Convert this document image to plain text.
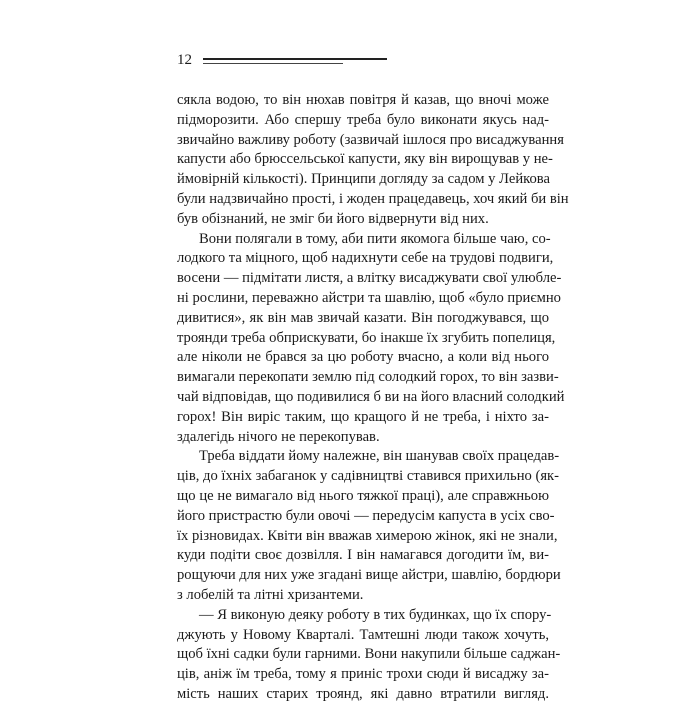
12
сякла водою, то він нюхав повітря й казав, що вночі може
підморозити. Або спершу треба було виконати якусь над-
звичайно важливу роботу (зазвичай ішлося про висаджування
капусти або брюссельської капусти, яку він вирощував у не-
ймовірній кількості). Принципи догляду за садом у Лейкова
були надзвичайно прості, і жоден працедавець, хоч який би він
був обізнаний, не зміг би його відвернути від них.
Вони полягали в тому, аби пити якомога більше чаю, со-
лодкого та міцного, щоб надихнути себе на трудові подвиги,
восени — підмітати листя, а влітку висаджувати свої улюбле-
ні рослини, переважно айстри та шавлію, щоб «було приємно
дивитися», як він мав звичай казати. Він погоджувався, що
троянди треба обприскувати, бо інакше їх згубить попелиця,
але ніколи не брався за цю роботу вчасно, а коли від нього
вимагали перекопати землю під солодкий горох, то він зазви-
чай відповідав, що подивилися б ви на його власний солодкий
горох! Він виріс таким, що кращого й не треба, і ніхто за-
здалегідь нічого не перекопував.
Треба віддати йому належне, він шанував своїх працедав-
ців, до їхніх забаганок у садівництві ставився прихильно (як-
що це не вимагало від нього тяжкої праці), але справжньою
його пристрастю були овочі — передусім капуста в усіх сво-
їх різновидах. Квіти він вважав химерою жінок, які не знали,
куди подіти своє дозвілля. І він намагався догодити їм, ви-
рощуючи для них уже згадані вище айстри, шавлію, бордюри
з лобелій та літні хризантеми.
— Я виконую деяку роботу в тих будинках, що їх спору-
джують у Новому Кварталі. Тамтешні люди також хочуть,
щоб їхні садки були гарними. Вони накупили більше саджан-
ців, аніж їм треба, тому я приніс трохи сюди й висаджу за-
мість наших старих троянд, які давно втратили вигляд.
